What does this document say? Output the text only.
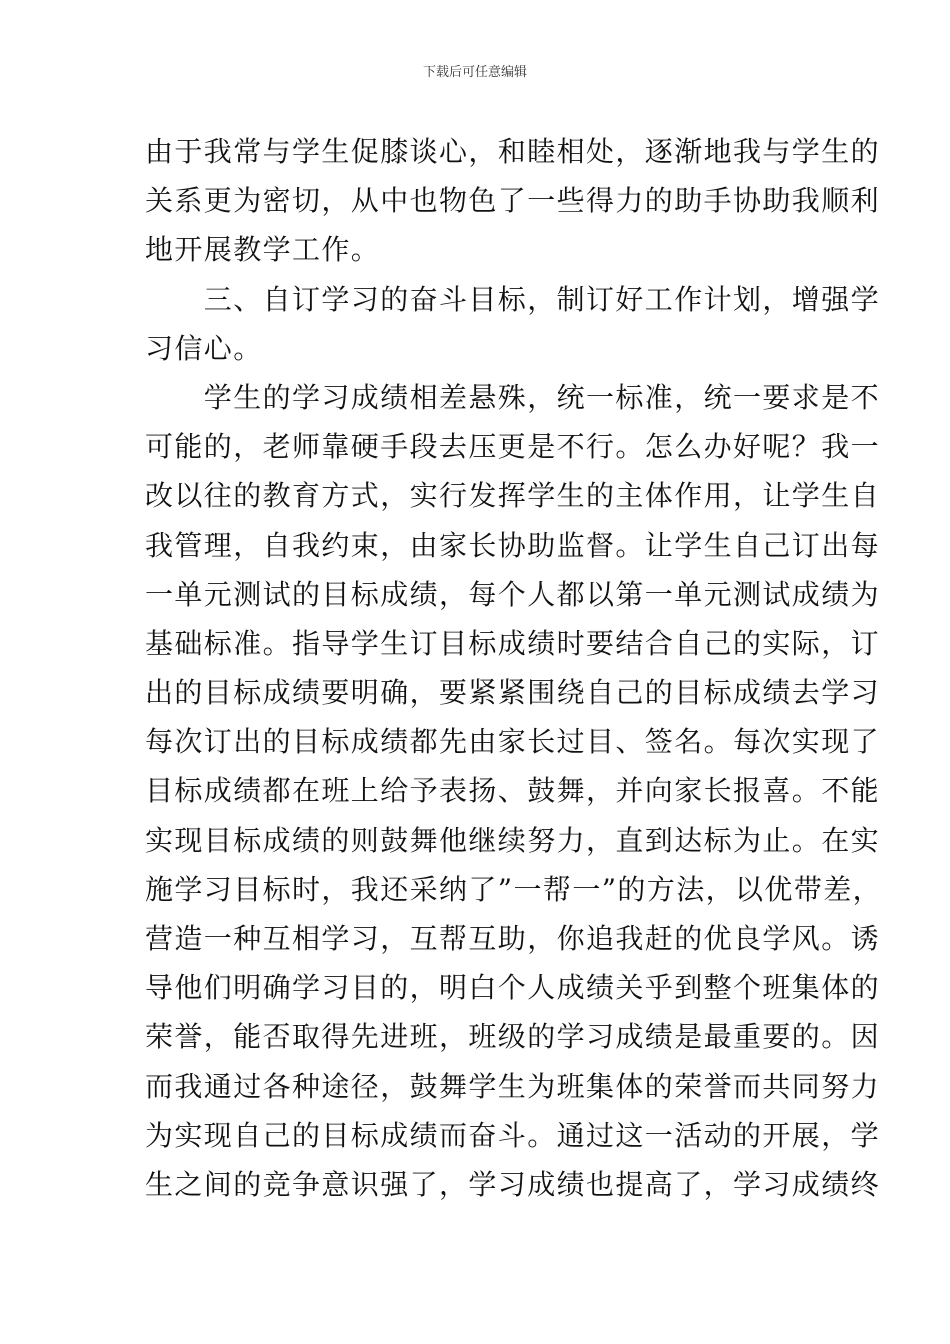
下载后可任意编辑
由于我常与学生促膝谈心，和睦相处，逐渐地我与学生的
关系更为密切，从中也物色了一些得力的助手协助我顺利
地开展教学工作。
　　三、自订学习的奋斗目标，制订好工作计划，增强学
习信心。
　　学生的学习成绩相差悬殊，统一标准，统一要求是不
可能的，老师靠硬手段去压更是不行。怎么办好呢？我一
改以往的教育方式，实行发挥学生的主体作用，让学生自
我管理，自我约束，由家长协助监督。让学生自己订出每
一单元测试的目标成绩，每个人都以第一单元测试成绩为
基础标准。指导学生订目标成绩时要结合自己的实际，订
出的目标成绩要明确，要紧紧围绕自己的目标成绩去学习
每次订出的目标成绩都先由家长过目、签名。每次实现了
目标成绩都在班上给予表扬、鼓舞，并向家长报喜。不能
实现目标成绩的则鼓舞他继续努力，直到达标为止。在实
施学习目标时，我还采纳了”一帮一”的方法，以优带差，
营造一种互相学习，互帮互助，你追我赶的优良学风。诱
导他们明确学习目的，明白个人成绩关乎到整个班集体的
荣誉，能否取得先进班，班级的学习成绩是最重要的。因
而我通过各种途径，鼓舞学生为班集体的荣誉而共同努力
为实现自己的目标成绩而奋斗。通过这一活动的开展，学
生之间的竞争意识强了，学习成绩也提高了，学习成绩终
